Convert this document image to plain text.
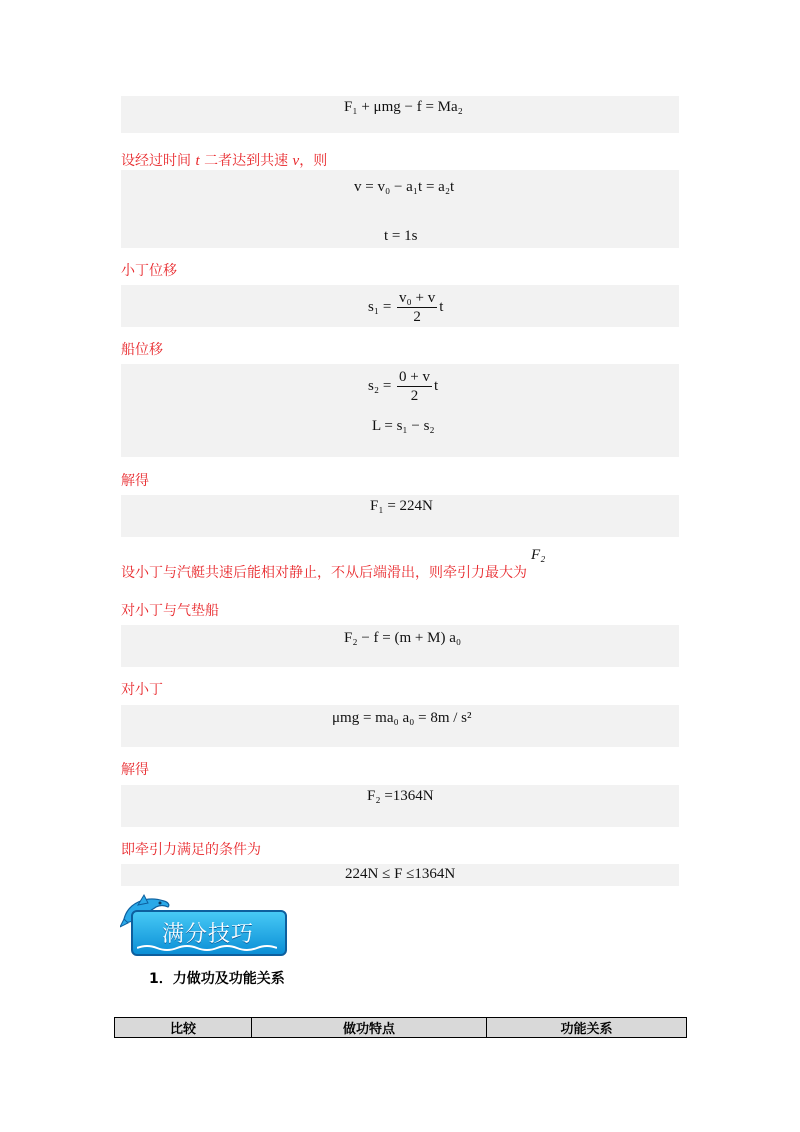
F₁ + μmg − f = Ma₂
设经过时间 t 二者达到共速 v，则
v = v₀ − a₁t = a₂t
t = 1s
小丁位移
$s_1 = \frac{\text{v₀ + v}}{2}$ t
船位移
$s_2 = \frac{0 + v}{2}$ t
L = s₁ − s₂
解得
F₁ = 224N
设小丁与汽艇共速后能相对静止，不从后端滑出，则牵引力最大为
F₂
对小丁与气垫船
F₂ − f = (m + M) a₀
对小丁
μmg = ma₀ a₀ = 8m / s²
解得
F₂ =1364N
即牵引力满足的条件为
224N ≤ F ≤1364N
满分技巧
1．力做功及功能关系
比较	做功特点	功能关系
